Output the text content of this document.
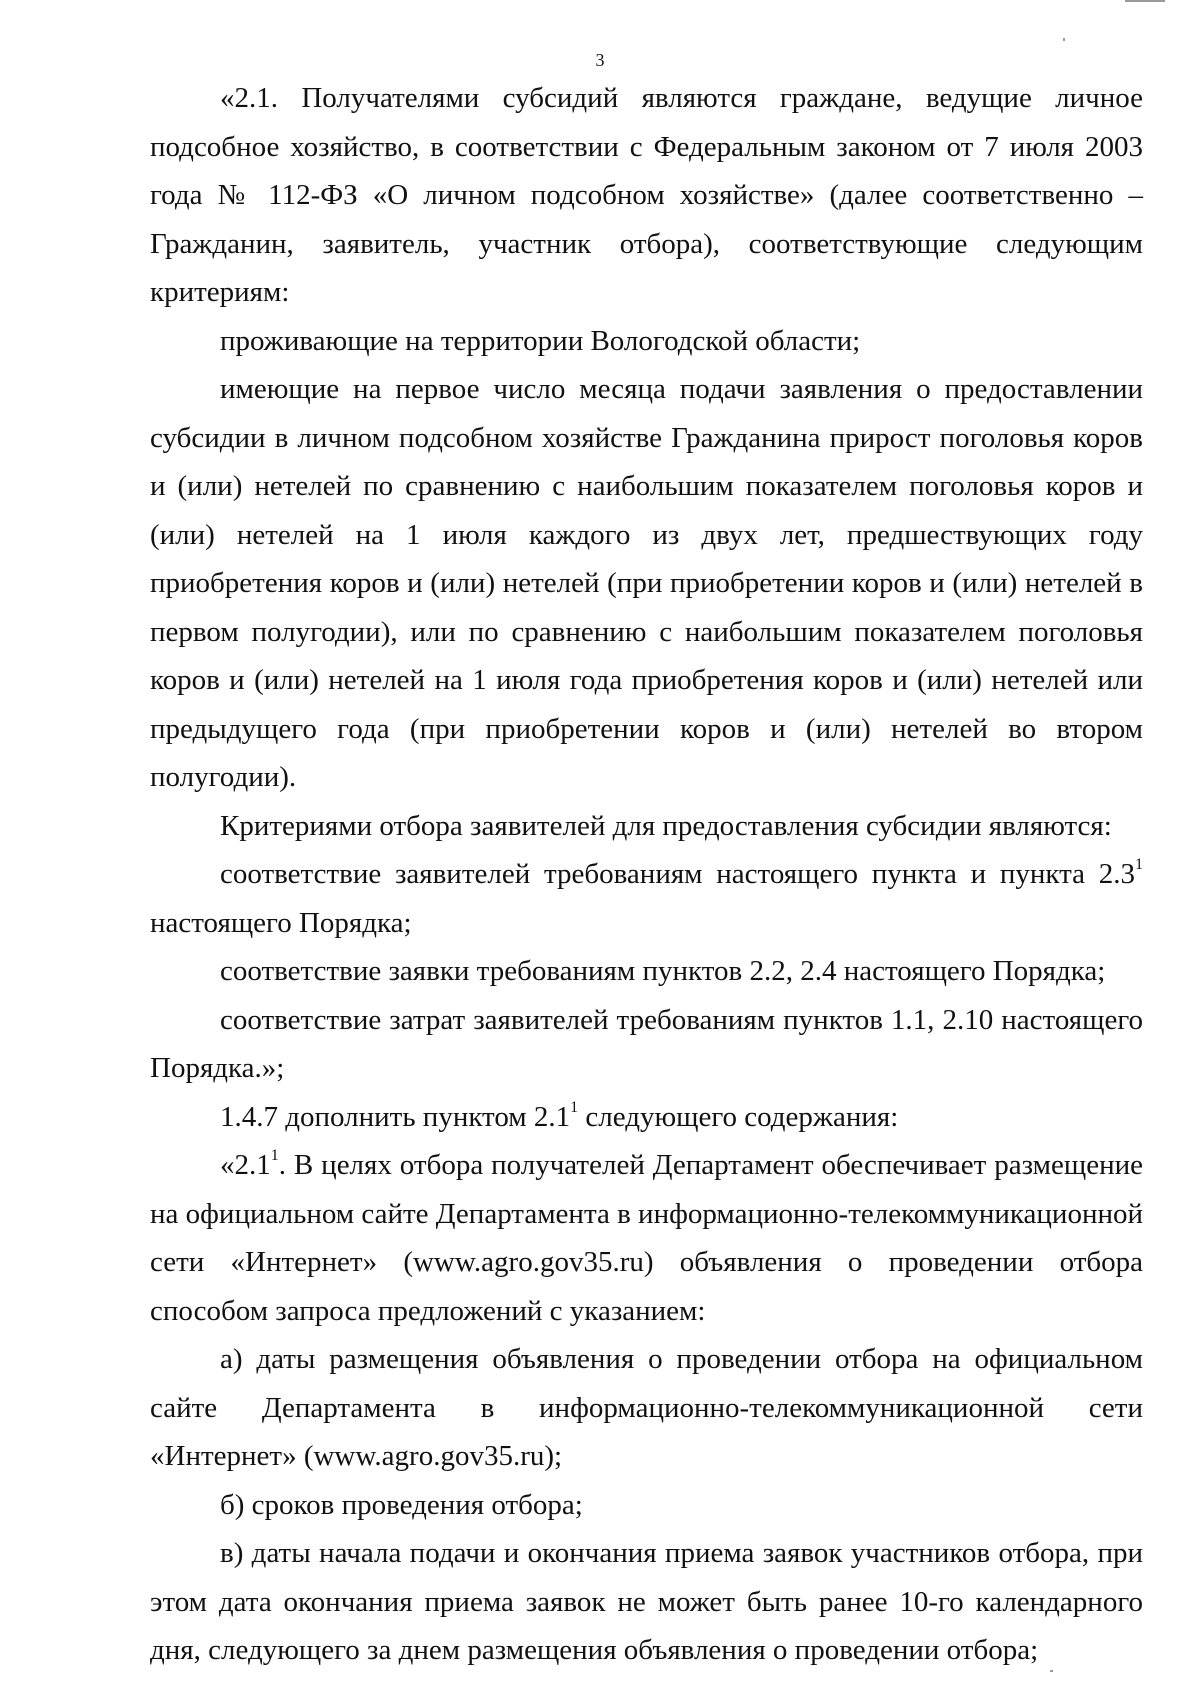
3

«2.1. Получателями субсидий являются граждане, ведущие личное подсобное хозяйство, в соответствии с Федеральным законом от 7 июля 2003 года № 112-ФЗ «О личном подсобном хозяйстве» (далее соответственно – Гражданин, заявитель, участник отбора), соответствующие следующим критериям:

проживающие на территории Вологодской области;

имеющие на первое число месяца подачи заявления о предоставлении субсидии в личном подсобном хозяйстве Гражданина прирост поголовья коров и (или) нетелей по сравнению с наибольшим показателем поголовья коров и (или) нетелей на 1 июля каждого из двух лет, предшествующих году приобретения коров и (или) нетелей (при приобретении коров и (или) нетелей в первом полугодии), или по сравнению с наибольшим показателем поголовья коров и (или) нетелей на 1 июля года приобретения коров и (или) нетелей или предыдущего года (при приобретении коров и (или) нетелей во втором полугодии).

Критериями отбора заявителей для предоставления субсидии являются:

соответствие заявителей требованиям настоящего пункта и пункта 2.3$^1$ настоящего Порядка;

соответствие заявки требованиям пунктов 2.2, 2.4 настоящего Порядка;

соответствие затрат заявителей требованиям пунктов 1.1, 2.10 настоящего Порядка.»;

1.4.7 дополнить пунктом 2.1$^1$ следующего содержания:

«2.1$^1$. В целях отбора получателей Департамент обеспечивает размещение на официальном сайте Департамента в информационно-телекоммуникационной сети «Интернет» (www.agro.gov35.ru) объявления о проведении отбора способом запроса предложений с указанием:

а) даты размещения объявления о проведении отбора на официальном сайте Департамента в информационно-телекоммуникационной сети «Интернет» (www.agro.gov35.ru);

б) сроков проведения отбора;

в) даты начала подачи и окончания приема заявок участников отбора, при этом дата окончания приема заявок не может быть ранее 10-го календарного дня, следующего за днем размещения объявления о проведении отбора;
